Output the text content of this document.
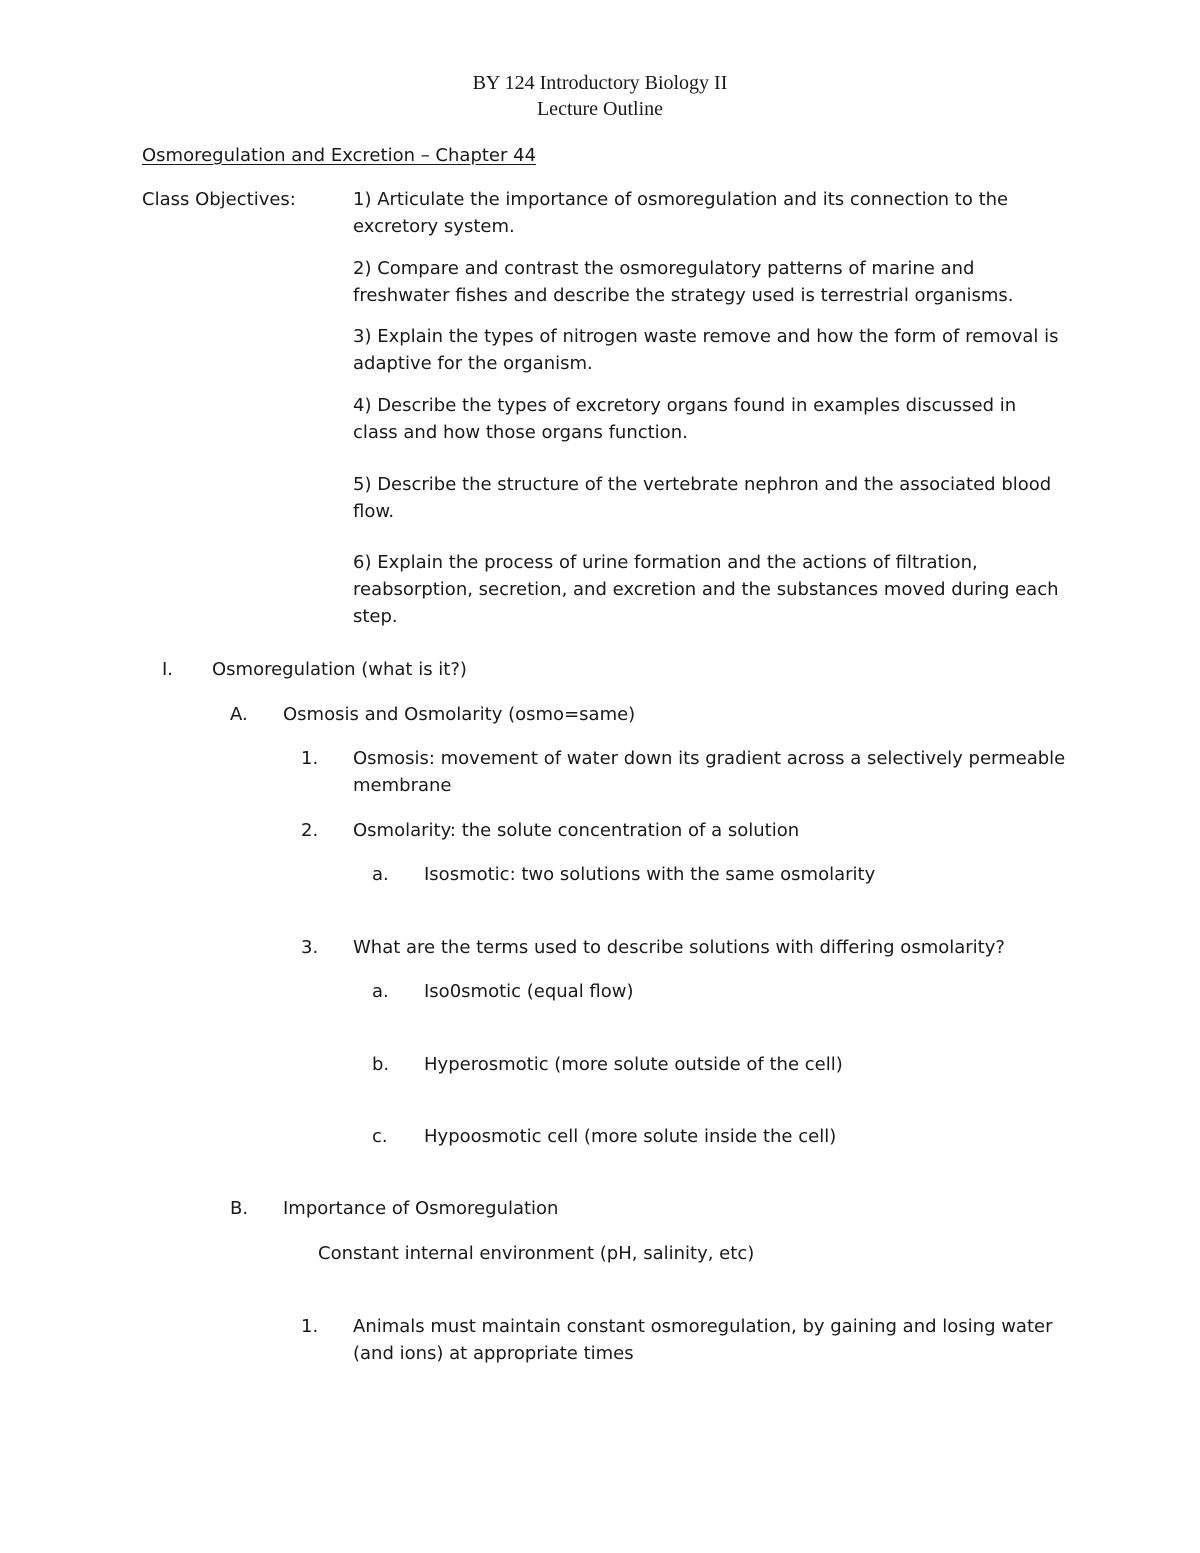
BY 124 Introductory Biology II
Lecture Outline
Osmoregulation and Excretion – Chapter 44
Class Objectives:	1) Articulate the importance of osmoregulation and its connection to the excretory system.
2) Compare and contrast the osmoregulatory patterns of marine and freshwater fishes and describe the strategy used is terrestrial organisms.
3) Explain the types of nitrogen waste remove and how the form of removal is adaptive for the organism.
4) Describe the types of excretory organs found in examples discussed in class and how those organs function.
5) Describe the structure of the vertebrate nephron and the associated blood flow.
6) Explain the process of urine formation and the actions of filtration, reabsorption, secretion, and excretion and the substances moved during each step.
I. Osmoregulation (what is it?)
A. Osmosis and Osmolarity (osmo=same)
1. Osmosis: movement of water down its gradient across a selectively permeable
membrane
2. Osmolarity: the solute concentration of a solution
a. Isosmotic: two solutions with the same osmolarity
3. What are the terms used to describe solutions with differing osmolarity?
a. Iso0smotic (equal flow)
b. Hyperosmotic (more solute outside of the cell)
c. Hypoosmotic cell (more solute inside the cell)
B. Importance of Osmoregulation
Constant internal environment (pH, salinity, etc)
1. Animals must maintain constant osmoregulation, by gaining and losing water
(and ions) at appropriate times
